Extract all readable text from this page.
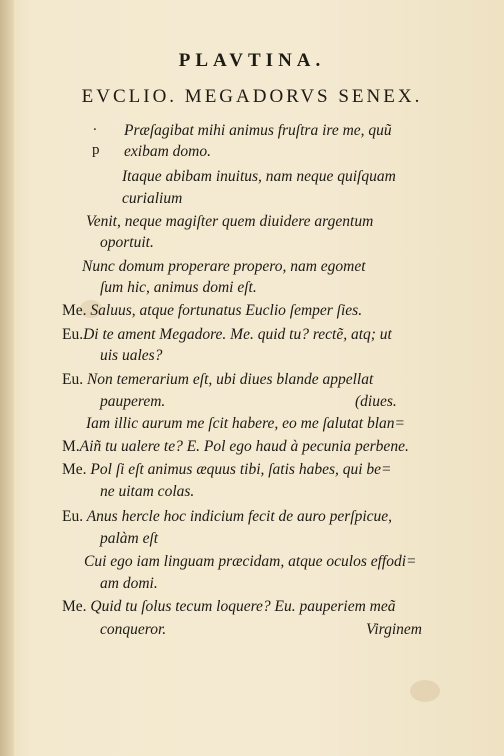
PLAVTINA.
EVCLIO. MEGADORVS SENEX.
.
p
Præſagibat mihi animus fruſtra ire me, quũ
exibam domo.
Itaque abibam inuitus, nam neque quiſquam
curialium
Venit, neque magiſter quem diuidere argentum
oportuit.
Nunc domum properare propero, nam egomet
ſum hic, animus domi eſt.
Me. Saluus, atque fortunatus Euclio ſemper ſies.
Eu.Di te ament Megadore. Me. quid tu? rectẽ, atq; ut
uis uales?
Eu. Non temerarium eſt, ubi diues blande appellat
pauperem.	(diues.
Iam illic aurum me ſcit habere, eo me ſalutat blan=
M.Aiñ tu ualere te? E. Pol ego haud à pecunia perbene.
Me. Pol ſi eſt animus æquus tibi, ſatis habes, qui be=
ne uitam colas.
Eu. Anus hercle hoc indicium fecit de auro perſpicue,
palàm eſt
Cui ego iam linguam præcidam, atque oculos effodi=
am domi.
Me. Quid tu ſolus tecum loquere? Eu. pauperiem meã
conqueror.	Virginem
